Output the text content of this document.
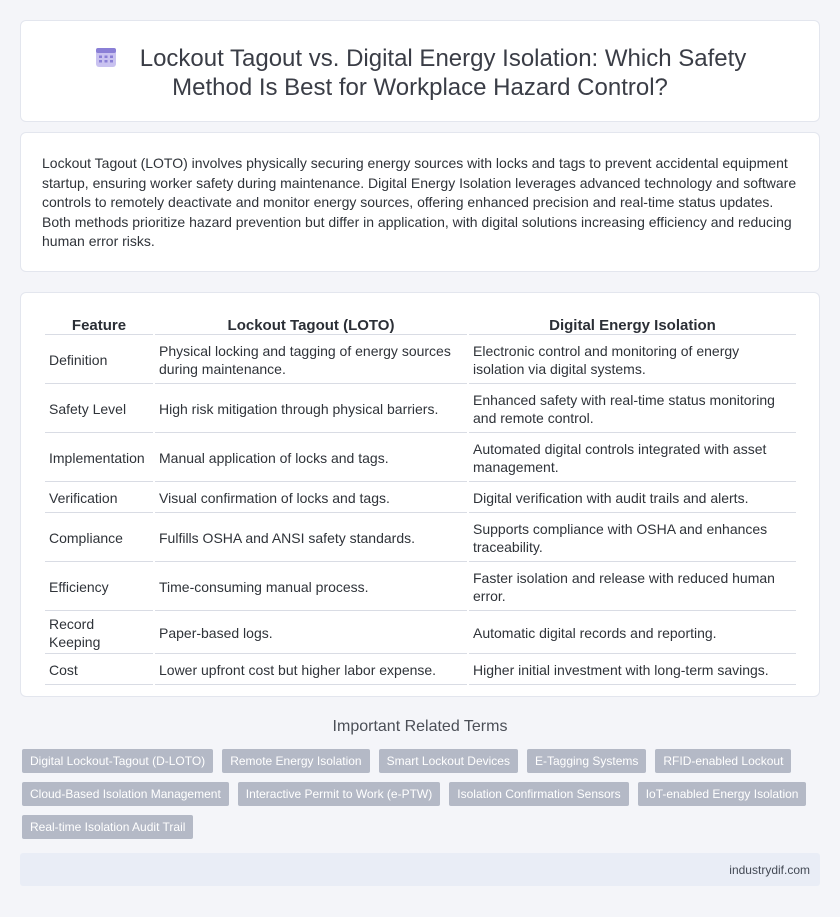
Lockout Tagout vs. Digital Energy Isolation: Which Safety Method Is Best for Workplace Hazard Control?

Lockout Tagout (LOTO) involves physically securing energy sources with locks and tags to prevent accidental equipment startup, ensuring worker safety during maintenance. Digital Energy Isolation leverages advanced technology and software controls to remotely deactivate and monitor energy sources, offering enhanced precision and real-time status updates. Both methods prioritize hazard prevention but differ in application, with digital solutions increasing efficiency and reducing human error risks.

Feature	Lockout Tagout (LOTO)	Digital Energy Isolation
Definition	Physical locking and tagging of energy sources during maintenance.	Electronic control and monitoring of energy isolation via digital systems.
Safety Level	High risk mitigation through physical barriers.	Enhanced safety with real-time status monitoring and remote control.
Implementation	Manual application of locks and tags.	Automated digital controls integrated with asset management.
Verification	Visual confirmation of locks and tags.	Digital verification with audit trails and alerts.
Compliance	Fulfills OSHA and ANSI safety standards.	Supports compliance with OSHA and enhances traceability.
Efficiency	Time-consuming manual process.	Faster isolation and release with reduced human error.
Record Keeping	Paper-based logs.	Automatic digital records and reporting.
Cost	Lower upfront cost but higher labor expense.	Higher initial investment with long-term savings.
Important Related Terms
Digital Lockout-Tagout (D-LOTO)	Remote Energy Isolation	Smart Lockout Devices	E-Tagging Systems	RFID-enabled Lockout
Cloud-Based Isolation Management	Interactive Permit to Work (e-PTW)	Isolation Confirmation Sensors	IoT-enabled Energy Isolation
Real-time Isolation Audit Trail
industrydif.com
